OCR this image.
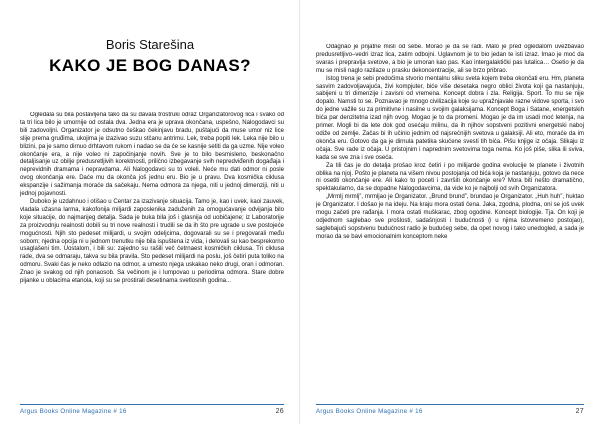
Boris Starešina
KAKO JE BOG DANAS?

Ogledala su bila postavljena tako da su davala trostruki odraz Organizatorovog lica i svako od ta tri lica bilo je umornije od ostala dva. Jedna era je uprava okončana, uspešno, Nalogodavci su bili zadovoljni. Organizator je odsutno češkao čekinjavu bradu, puštajući da muse umor niz lice slije prema gruđima, ukojima je izazivao suzu stčanu antrimu. Lek, treba popiti lek. Leka nije bilo u blizini, pa je samo dirnuo drhtavom rukom i nadao se da će se kasnije setiti da ga uzme. Nije voleo okončanje era, a nije voleo ni započinjanje novih. Sve je to bilo besmisleno, beskonačno detaljisanje uz obilje predusretljivih korektnosti, prilično izbegavanje svih nepredviđenih događaja i neprevidnih dramama i nepravdama. Ali Nalogodavci su to voleli. Neće mu dati odmor ni posle ovog okončanja ere. Daće mu da okonča još jednu eru. Bio je u pravu. Dva kosmička ciklusa ekspanzije i sažimanja moraće da sačekaju. Nema odmora za njega, niti u jednoj dimenziji, niti u jednoj pojavnosti.

Duboko je uzdahnuo i otišao u Centar za izazivanje situacija. Tamo je, kao i uvek, kaoi zauvek, vladala užasna larma, kakofonija miljardi zaposlenika zaduženih za omogućavanje odvijanja bilo koje situacije, do najmanjeg detalja. Sada je buka bila još i glasnija od uobičajene; iz Laboratorije za proizvodnju realnosti dobili su tri nove realnosti i trudili se da ih što pre ugrade u sve postojeće mogućnosti. Njih sto pedeset milijardi, u svojim odeljcima, dogovarali su se i pregovarali među sobom; njedna opcija ni u jednom trenutku nije bila ispuštena iz vida, i delovali su kao besprekorno usaglašeni tim. Uostalom, i bili su: zajedno su rašili več četrnaest kosmičkih ciklusa. Tri ciklusa rade, dva se odmaraju, takva su bila pravila. Sto pedeset milijardi na poslu, još četiri puta toliko na odmoru. Svaki čas je neko odlazio na odmor, a umesto njega uskakao neko drugi, oran i odmoran. Znao je svakog od njih ponaosob. Sa večinom je i lumpovao u periodima odmora. Stare dobre pijanke u oblacima etanola, koji su se prostirali desetinama svetlosnih godina...

Argus Books Online Magazine # 16	26

Odagnao je prijatne misli od sebe. Morao je da se radi. Malo je pred ogledalom uvežbavao predusretljivo–vedri izraz lica, zatim odbojni. Uglavnom je to bio jedan te isti izraz. Imao je moć da svaras i prepravlja svetove, a bio je umoran kao pas. Kao intergalaktički pas lutalica… Osetio je da mu se misli naglo razilaze u prasku dekoncentracije, ali se brzo pribrao.

Istog trena je sebi predočima stvorio mentalnu sliku sveta kojem treba okončati eru. Hm, planeta sasvim zadovoljavajuća, živi kompjuter, biće više desetaka negro oblici života koji ga nastanjuju, sabijeni u tri dimenzije i zavisni od vremena. Koncept dobra i zla. Religija. Sport. To mu se nije dopalo. Namsti to se. Poznavao je mnogo civilizacija koje su upražnjavale razne vidove sporta, i svo do jedne važile su za primitivne i nasilne u svojim galaksijama. Koncept Boga i Satane, energetskih bića par denzitetna izad njih ovog. Mogao je to da promeni. Mogao je da im usadi moć letenja, na primer. Mogli bi da lete dok god osećaju milinu, da ih njihov sopstveni pozitivni energetski naboj odiže od zemlje. Začas bi ih učinio jednim od najsrećnijih svetova u galaksiji. Ali eto, moraće da im okonča eru. Gotovo da ga je dirnula patetika skučene svesti tih bića. Pišu knjige iz očaja. Slikaju iz očaja. Sve rade iz očaja. U pristojnim i naprednim svetovima toga nema. Ko još piše, slika ili sviva, kada se sve zna i sve oseća.

Za tili čas je do detalja prošao kroz četiri i po milijarde godina evolucije te planete i životnih oblika na njoj. Pošto je planeta na višem nivou postojanja od bića koja je nastanjuju, gotovo da nece ni osetiti okončanje ere. Ali kako to poceti i završiti okončanje ere? Mora biti nešto dramatično, spektakularno, da se dopadne Nalogodavcima, da vide ko je najbolji od svih Organizatora.

„Mrmlj mrmlj”, mrmljao je Organizator. „Brund brund”, brundao je Organizator. „Huh huh”, huktao je Organizator. I došao je na ideju. Na kraju mora ostati čena. Jaka, zgodna, plodna, oni se još uvek mogu začeti pre rađanja. I mora ostati muškarac, zbog ogodine. Koncept biologije. Tja. On koji je odjednom saglebao sve prošlosti, sadašnjosti i budućnosti (i u njima istovremeno postojao), saglebajući sopstvenu budućnost radio je budućeg sebe, da opet novog i tako unedogled, a sada je morao da se bavi emocionalnim konceptom neke

Argus Books Online Magazine # 16	27
